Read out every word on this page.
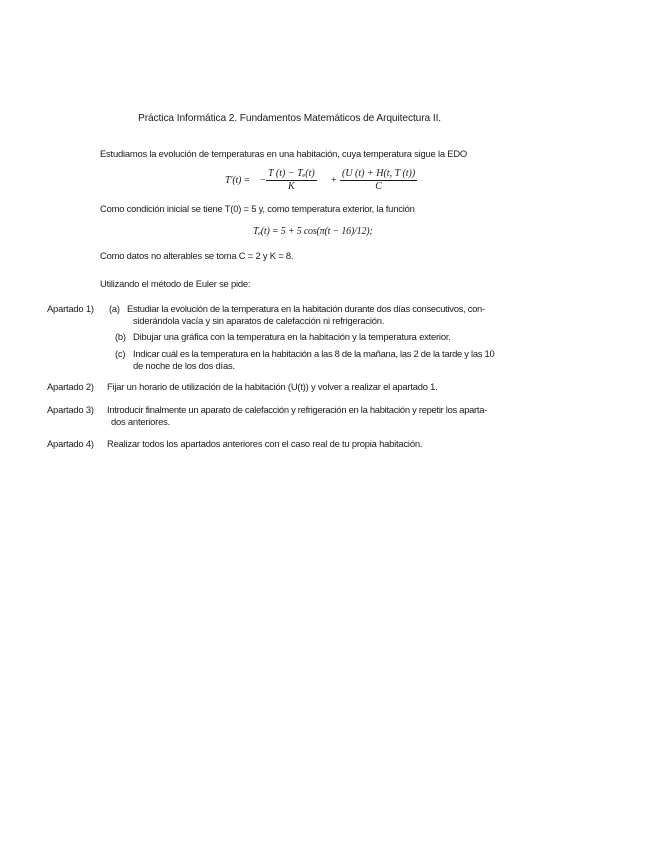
Práctica Informática 2. Fundamentos Matemáticos de Arquitectura II.
Estudiamos la evolución de temperaturas en una habitación, cuya temperatura sigue la EDO
T′(t) = − $\frac{\text{T (t) − Tₑ(t)}}{K} + \frac{(U (t) + H(t, T (t))}{C}$
Como condición inicial se tiene T(0) = 5 y, como temperatura exterior, la función
Tₑ(t) = 5 + 5 cos(π(t − 16)/12);
Como datos no alterables se toma C = 2 y K = 8.
Utilizando el método de Euler se pide:
Apartado 1) (a) Estudiar la evolución de la temperatura en la habitación durante dos días consecutivos, con-
siderándola vacía y sin aparatos de calefacción ni refrigeración.
(b) Dibujar una gráfica con la temperatura en la habitación y la temperatura exterior.
(c) Indicar cuál es la temperatura en la habitación a las 8 de la mañana, las 2 de la tarde y las 10
de noche de los dos días.
Apartado 2) Fijar un horario de utilización de la habitación (U(t)) y volver a realizar el apartado 1.
Apartado 3) Introducir finalmente un aparato de calefacción y refrigeración en la habitación y repetir los aparta-
dos anteriores.
Apartado 4) Realizar todos los apartados anteriores con el caso real de tu propia habitación.
